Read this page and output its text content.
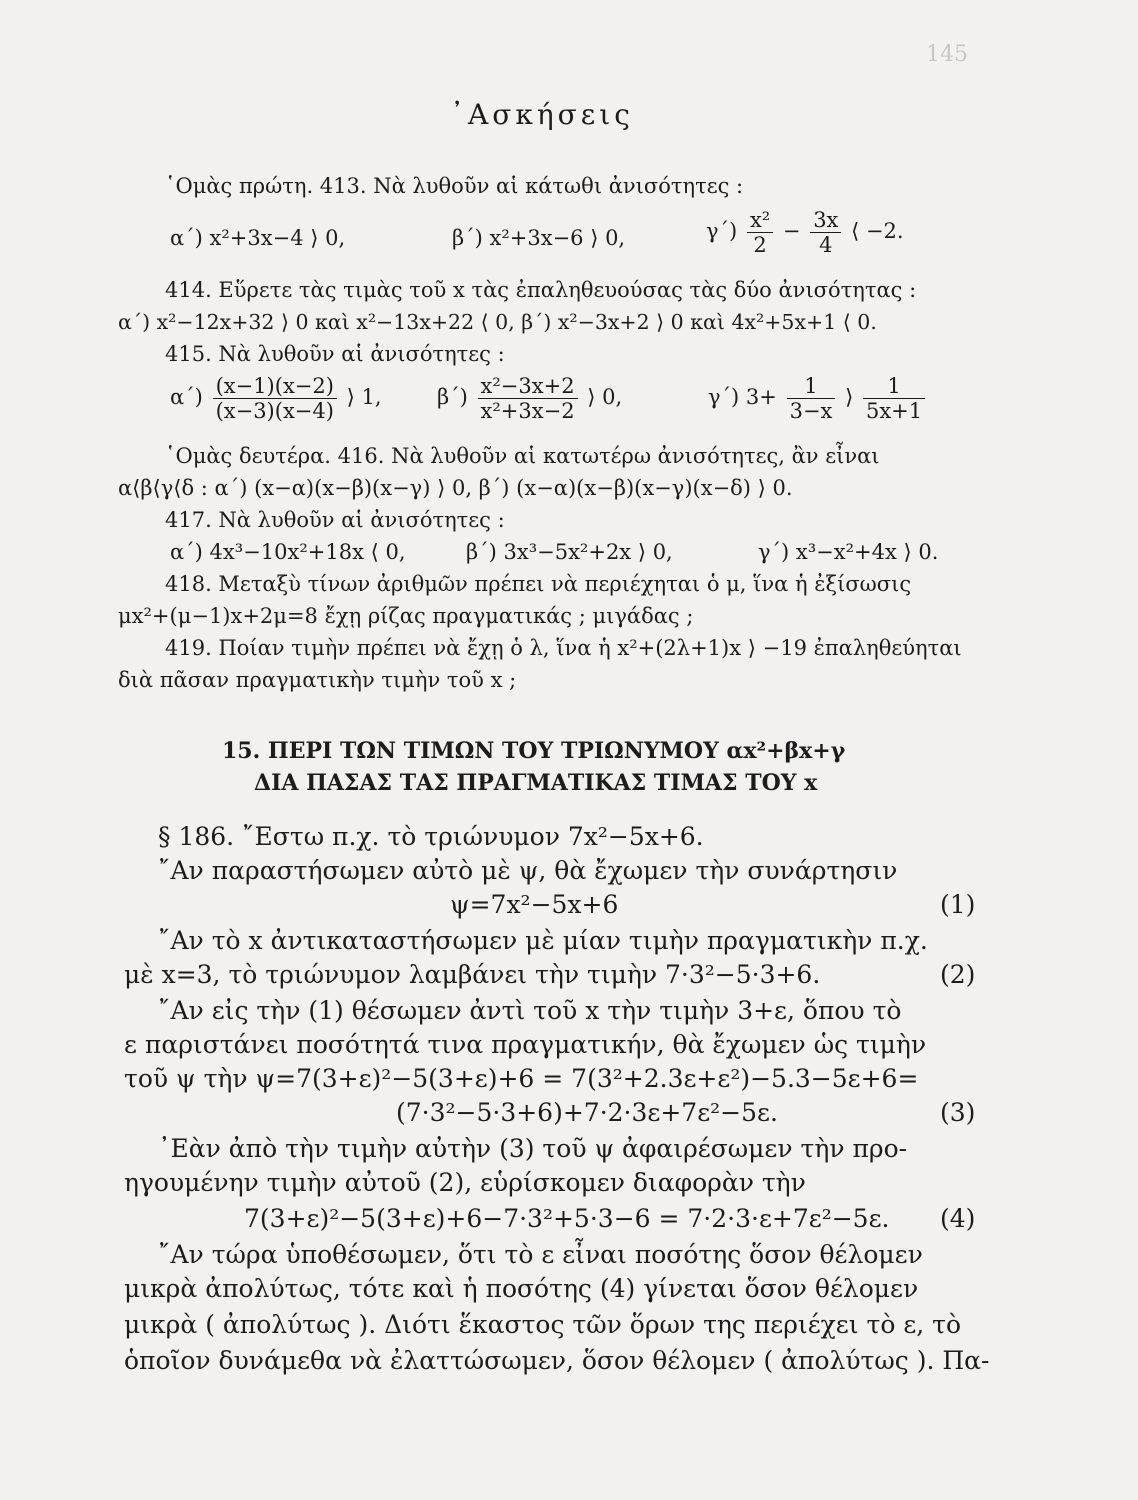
145
᾿Ασκήσεις
῾Ομὰς πρώτη. 413. Νὰ λυθοῦν αἱ κάτωθι ἀνισότητες :
α΄) x²+3x−4 ⟩ 0,	β΄) x²+3x−6 ⟩ 0,	$\gamma΄) \frac{\text{x²}}{2} - \frac{3x}{4}$ ⟨ −2.
414. Εὕρετε τὰς τιμὰς τοῦ x τὰς ἐπαληθευούσας τὰς δύο ἀνισότητας :
α΄) x²−12x+32 ⟩ 0 καὶ x²−13x+22 ⟨ 0, β΄) x²−3x+2 ⟩ 0 καὶ 4x²+5x+1 ⟨ 0.
415. Νὰ λυθοῦν αἱ ἀνισότητες :
$\alpha΄) \frac{(x-1)(x-2)}{(x-3)(x-4)}$ ⟩ 1,	$\beta΄) \frac{\text{x²−3x+2}}{\text{x²+3x−2}}$ ⟩ 0,	γ΄) $3+ \frac{1}{3-x}$ ⟩ $\frac{1}{5x+1}$
῾Ομὰς δευτέρα. 416. Νὰ λυθοῦν αἱ κατωτέρω ἀνισότητες, ἂν εἶναι
α⟨β⟨γ⟨δ : α΄) (x−α)(x−β)(x−γ) ⟩ 0, β΄) (x−α)(x−β)(x−γ)(x−δ) ⟩ 0.
417. Νὰ λυθοῦν αἱ ἀνισότητες :
α΄) 4x³−10x²+18x ⟨ 0,	β΄) 3x³−5x²+2x ⟩ 0,	γ΄) x³−x²+4x ⟩ 0.
418. Μεταξὺ τίνων ἀριθμῶν πρέπει νὰ περιέχηται ὁ μ, ἵνα ἡ ἐξίσωσις
μx²+(μ−1)x+2μ=8 ἔχῃ ρίζας πραγματικάς ; μιγάδας ;
419. Ποίαν τιμὴν πρέπει νὰ ἔχῃ ὁ λ, ἵνα ἡ x²+(2λ+1)x ⟩ −19 ἐπαληθεύηται
διὰ πᾶσαν πραγματικὴν τιμὴν τοῦ x ;
15. ΠΕΡΙ ΤΩΝ ΤΙΜΩΝ ΤΟΥ ΤΡΙΩΝΥΜΟΥ αx²+βx+γ
ΔΙΑ ΠΑΣΑΣ ΤΑΣ ΠΡΑΓΜΑΤΙΚΑΣ ΤΙΜΑΣ ΤΟΥ x
§ 186. ῎Εστω π.χ. τὸ τριώνυμον 7x²−5x+6.
῎Αν παραστήσωμεν αὐτὸ μὲ ψ, θὰ ἔχωμεν τὴν συνάρτησιν
ψ=7x²−5x+6	(1)
῎Αν τὸ x ἀντικαταστήσωμεν μὲ μίαν τιμὴν πραγματικὴν π.χ.
μὲ x=3, τὸ τριώνυμον λαμβάνει τὴν τιμὴν 7·3²−5·3+6.	(2)
῎Αν εἰς τὴν (1) θέσωμεν ἀντὶ τοῦ x τὴν τιμὴν 3+ε, ὅπου τὸ
ε παριστάνει ποσότητά τινα πραγματικήν, θὰ ἔχωμεν ὡς τιμὴν
τοῦ ψ τὴν ψ=7(3+ε)²−5(3+ε)+6 = 7(3²+2.3ε+ε²)−5.3−5ε+6=
(7·3²−5·3+6)+7·2·3ε+7ε²−5ε.	(3)
᾿Εὰν ἀπὸ τὴν τιμὴν αὐτὴν (3) τοῦ ψ ἀφαιρέσωμεν τὴν προ-
ηγουμένην τιμὴν αὐτοῦ (2), εὑρίσκομεν διαφορὰν τὴν
7(3+ε)²−5(3+ε)+6−7·3²+5·3−6 = 7·2·3·ε+7ε²−5ε. (4)
῎Αν τώρα ὑποθέσωμεν, ὅτι τὸ ε εἶναι ποσότης ὅσον θέλομεν
μικρὰ ἀπολύτως, τότε καὶ ἡ ποσότης (4) γίνεται ὅσον θέλομεν
μικρὰ ( ἀπολύτως ). Διότι ἕκαστος τῶν ὅρων της περιέχει τὸ ε, τὸ
ὁποῖον δυνάμεθα νὰ ἐλαττώσωμεν, ὅσον θέλομεν ( ἀπολύτως ). Πα-
